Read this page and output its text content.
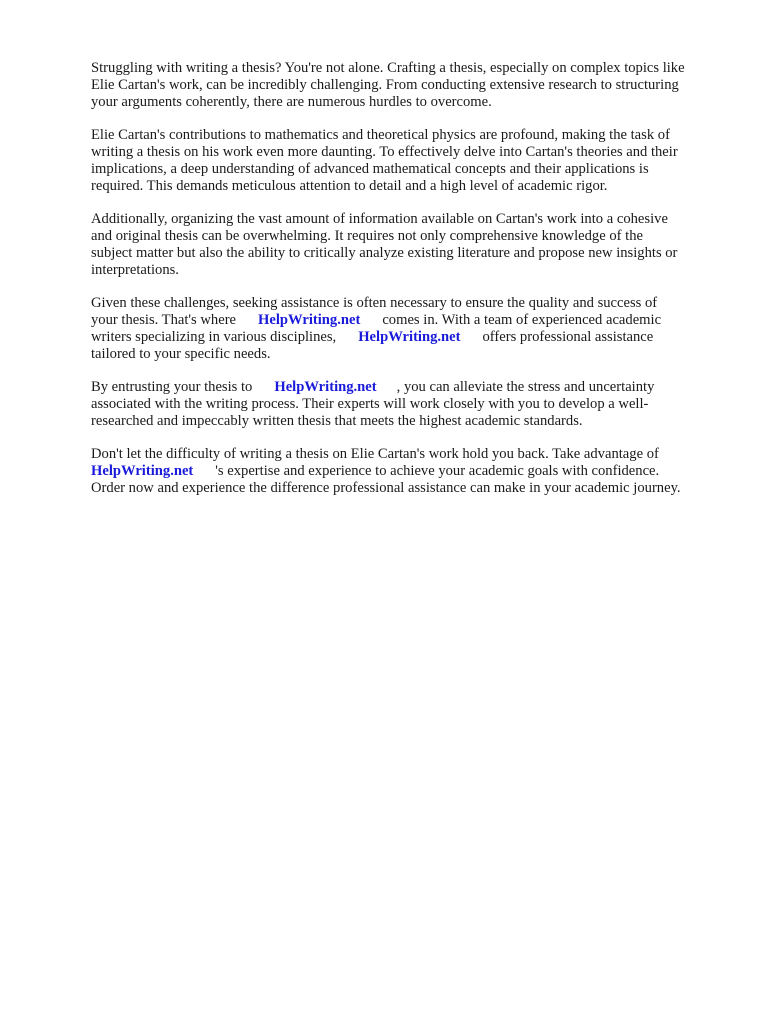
Struggling with writing a thesis? You're not alone. Crafting a thesis, especially on complex topics like
Elie Cartan's work, can be incredibly challenging. From conducting extensive research to structuring
your arguments coherently, there are numerous hurdles to overcome.

Elie Cartan's contributions to mathematics and theoretical physics are profound, making the task of
writing a thesis on his work even more daunting. To effectively delve into Cartan's theories and their
implications, a deep understanding of advanced mathematical concepts and their applications is
required. This demands meticulous attention to detail and a high level of academic rigor.

Additionally, organizing the vast amount of information available on Cartan's work into a cohesive
and original thesis can be overwhelming. It requires not only comprehensive knowledge of the
subject matter but also the ability to critically analyze existing literature and propose new insights or
interpretations.

Given these challenges, seeking assistance is often necessary to ensure the quality and success of
your thesis. That's where HelpWriting.net comes in. With a team of experienced academic
writers specializing in various disciplines, HelpWriting.net offers professional assistance
tailored to your specific needs.

By entrusting your thesis to HelpWriting.net , you can alleviate the stress and uncertainty
associated with the writing process. Their experts will work closely with you to develop a well-
researched and impeccably written thesis that meets the highest academic standards.

Don't let the difficulty of writing a thesis on Elie Cartan's work hold you back. Take advantage of
HelpWriting.net 's expertise and experience to achieve your academic goals with confidence.
Order now and experience the difference professional assistance can make in your academic journey.
